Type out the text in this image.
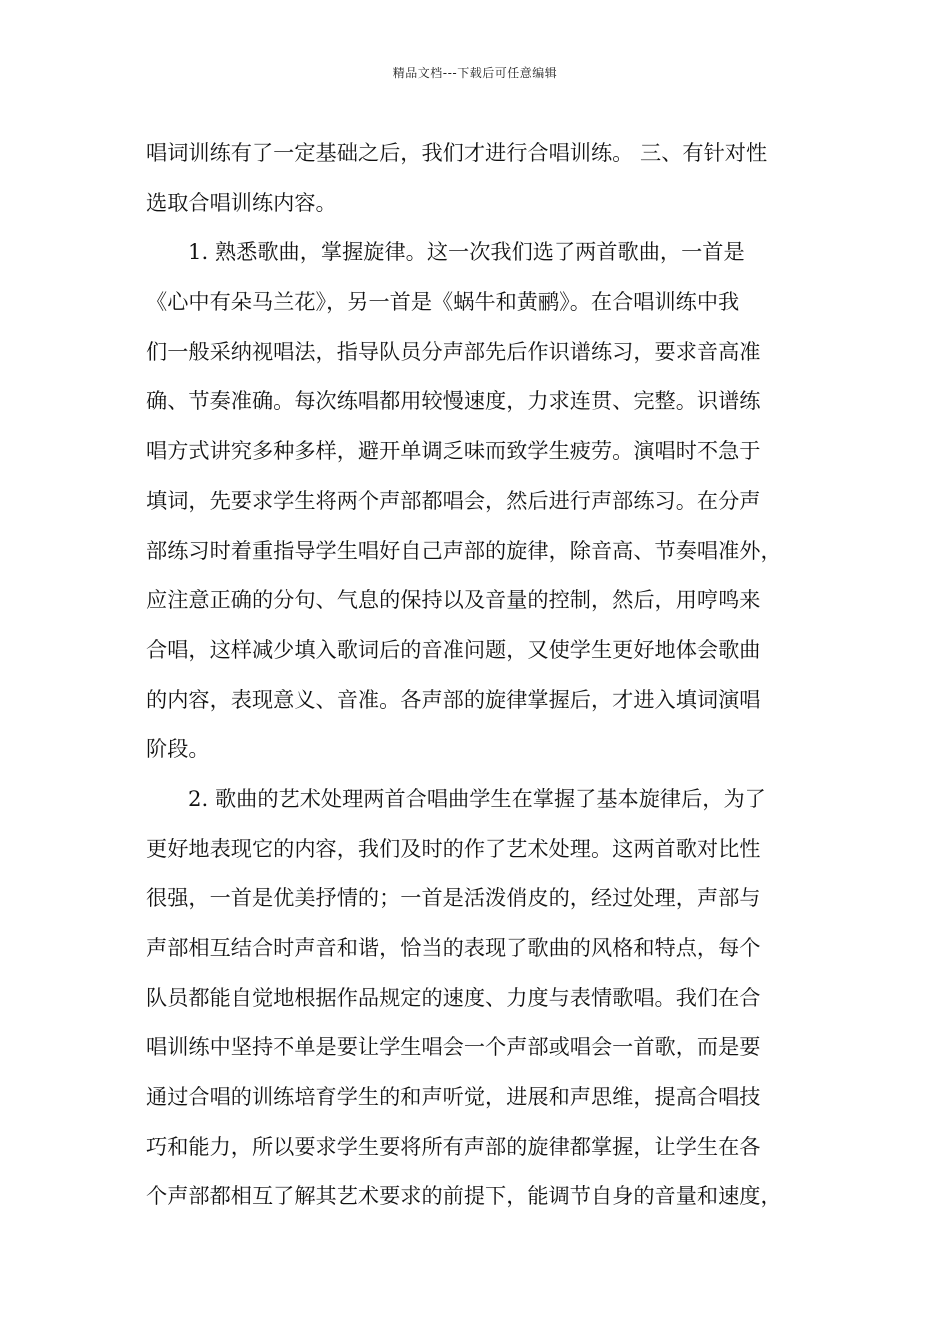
精品文档---下载后可任意编辑
唱词训练有了一定基础之后，我们才进行合唱训练。 三、有针对性
选取合唱训练内容。
1. 熟悉歌曲，掌握旋律。这一次我们选了两首歌曲，一首是
《心中有朵马兰花》，另一首是《蜗牛和黄鹂》。在合唱训练中我
们一般采纳视唱法，指导队员分声部先后作识谱练习，要求音高准
确、节奏准确。每次练唱都用较慢速度，力求连贯、完整。识谱练
唱方式讲究多种多样，避开单调乏味而致学生疲劳。演唱时不急于
填词，先要求学生将两个声部都唱会，然后进行声部练习。在分声
部练习时着重指导学生唱好自己声部的旋律，除音高、节奏唱准外，
应注意正确的分句、气息的保持以及音量的控制，然后，用哼鸣来
合唱，这样减少填入歌词后的音准问题，又使学生更好地体会歌曲
的内容，表现意义、音准。各声部的旋律掌握后，才进入填词演唱
阶段。
2. 歌曲的艺术处理两首合唱曲学生在掌握了基本旋律后，为了
更好地表现它的内容，我们及时的作了艺术处理。这两首歌对比性
很强，一首是优美抒情的；一首是活泼俏皮的，经过处理，声部与
声部相互结合时声音和谐，恰当的表现了歌曲的风格和特点，每个
队员都能自觉地根据作品规定的速度、力度与表情歌唱。我们在合
唱训练中坚持不单是要让学生唱会一个声部或唱会一首歌，而是要
通过合唱的训练培育学生的和声听觉，进展和声思维，提高合唱技
巧和能力，所以要求学生要将所有声部的旋律都掌握，让学生在各
个声部都相互了解其艺术要求的前提下，能调节自身的音量和速度，
